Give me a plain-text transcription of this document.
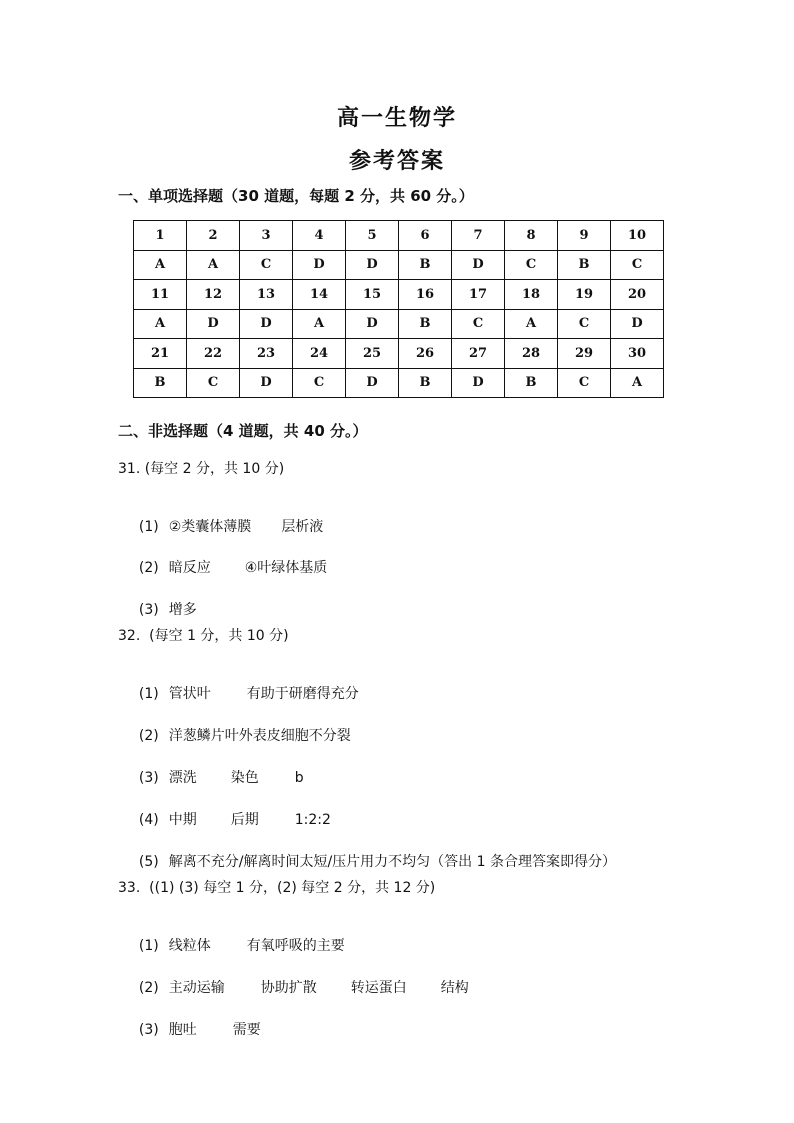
高一生物学
参考答案
一、单项选择题（30 道题，每题 2 分，共 60 分。）
1	2	3	4	5	6	7	8	9	10
A	A	C	D	D	B	D	C	B	C
11	12	13	14	15	16	17	18	19	20
A	D	D	A	D	B	C	A	C	D
21	22	23	24	25	26	27	28	29	30
B	C	D	C	D	B	D	B	C	A
二、非选择题（4 道题，共 40 分。）
31. (每空 2 分，共 10 分)

(1) ②类囊体薄膜 层析液

(2) 暗反应 ④叶绿体基质

(3) 增多

32.  (每空 1 分，共 10 分)

(1) 管状叶	有助于研磨得充分

(2) 洋葱鳞片叶外表皮细胞不分裂

(3) 漂洗 染色	b

(4) 中期 后期	1:2:2

(5) 解离不充分/解离时间太短/压片用力不均匀（答出 1 条合理答案即得分）

33.  ((1) (3) 每空 1 分，(2) 每空 2 分，共 12 分)

(1) 线粒体	有氧呼吸的主要

(2) 主动运输	协助扩散 转运蛋白 结构

(3) 胞吐	需要
